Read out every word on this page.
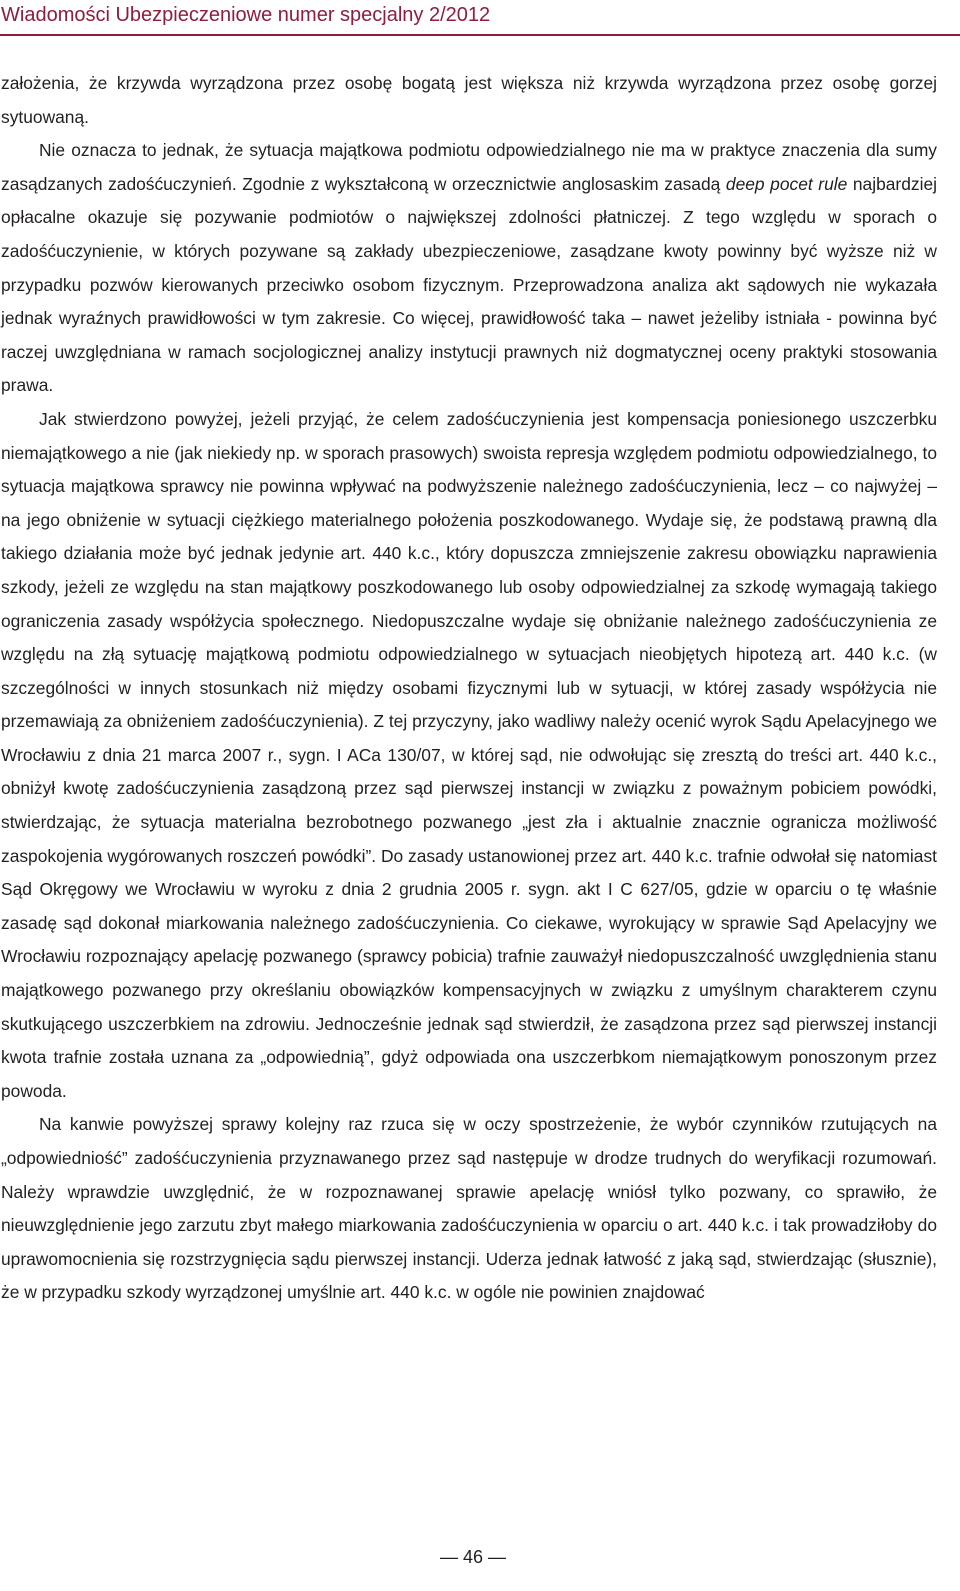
Wiadomości Ubezpieczeniowe numer specjalny 2/2012

założenia, że krzywda wyrządzona przez osobę bogatą jest większa niż krzywda wyrządzona przez osobę gorzej sytuowaną.

Nie oznacza to jednak, że sytuacja majątkowa podmiotu odpowiedzialnego nie ma w praktyce znaczenia dla sumy zasądzanych zadośćuczynień. Zgodnie z wykształconą w orzecznictwie anglosaskim zasadą deep pocet rule najbardziej opłacalne okazuje się pozywanie podmiotów o największej zdolności płatniczej. Z tego względu w sporach o zadośćuczynienie, w których pozywane są zakłady ubezpieczeniowe, zasądzane kwoty powinny być wyższe niż w przypadku pozwów kierowanych przeciwko osobom fizycznym. Przeprowadzona analiza akt sądowych nie wykazała jednak wyraźnych prawidłowości w tym zakresie. Co więcej, prawidłowość taka – nawet jeżeliby istniała - powinna być raczej uwzględniana w ramach socjologicznej analizy instytucji prawnych niż dogmatycznej oceny praktyki stosowania prawa.

Jak stwierdzono powyżej, jeżeli przyjąć, że celem zadośćuczynienia jest kompensacja poniesionego uszczerbku niemajątkowego a nie (jak niekiedy np. w sporach prasowych) swoista represja względem podmiotu odpowiedzialnego, to sytuacja majątkowa sprawcy nie powinna wpływać na podwyższenie należnego zadośćuczynienia, lecz – co najwyżej – na jego obniżenie w sytuacji ciężkiego materialnego położenia poszkodowanego. Wydaje się, że podstawą prawną dla takiego działania może być jednak jedynie art. 440 k.c., który dopuszcza zmniejszenie zakresu obowiązku naprawienia szkody, jeżeli ze względu na stan majątkowy poszkodowanego lub osoby odpowiedzialnej za szkodę wymagają takiego ograniczenia zasady współżycia społecznego. Niedopuszczalne wydaje się obniżanie należnego zadośćuczynienia ze względu na złą sytuację majątkową podmiotu odpowiedzialnego w sytuacjach nieobjętych hipotezą art. 440 k.c. (w szczególności w innych stosunkach niż między osobami fizycznymi lub w sytuacji, w której zasady współżycia nie przemawiają za obniżeniem zadośćuczynienia). Z tej przyczyny, jako wadliwy należy ocenić wyrok Sądu Apelacyjnego we Wrocławiu z dnia 21 marca 2007 r., sygn. I ACa 130/07, w której sąd, nie odwołując się zresztą do treści art. 440 k.c., obniżył kwotę zadośćuczynienia zasądzoną przez sąd pierwszej instancji w związku z poważnym pobiciem powódki, stwierdzając, że sytuacja materialna bezrobotnego pozwanego „jest zła i aktualnie znacznie ogranicza możliwość zaspokojenia wygórowanych roszczeń powódki”. Do zasady ustanowionej przez art. 440 k.c. trafnie odwołał się natomiast Sąd Okręgowy we Wrocławiu w wyroku z dnia 2 grudnia 2005 r. sygn. akt I C 627/05, gdzie w oparciu o tę właśnie zasadę sąd dokonał miarkowania należnego zadośćuczynienia. Co ciekawe, wyrokujący w sprawie Sąd Apelacyjny we Wrocławiu rozpoznający apelację pozwanego (sprawcy pobicia) trafnie zauważył niedopuszczalność uwzględnienia stanu majątkowego pozwanego przy określaniu obowiązków kompensacyjnych w związku z umyślnym charakterem czynu skutkującego uszczerbkiem na zdrowiu. Jednocześnie jednak sąd stwierdził, że zasądzona przez sąd pierwszej instancji kwota trafnie została uznana za „odpowiednią”, gdyż odpowiada ona uszczerbkom niemajątkowym ponoszonym przez powoda.

Na kanwie powyższej sprawy kolejny raz rzuca się w oczy spostrzeżenie, że wybór czynników rzutujących na „odpowiedniość” zadośćuczynienia przyznawanego przez sąd następuje w drodze trudnych do weryfikacji rozumowań. Należy wprawdzie uwzględnić, że w rozpoznawanej sprawie apelację wniósł tylko pozwany, co sprawiło, że nieuwzględnienie jego zarzutu zbyt małego miarkowania zadośćuczynienia w oparciu o art. 440 k.c. i tak prowadziłoby do uprawomocnienia się rozstrzygnięcia sądu pierwszej instancji. Uderza jednak łatwość z jaką sąd, stwierdzając (słusznie), że w przypadku szkody wyrządzonej umyślnie art. 440 k.c. w ogóle nie powinien znajdować

— 46 —
